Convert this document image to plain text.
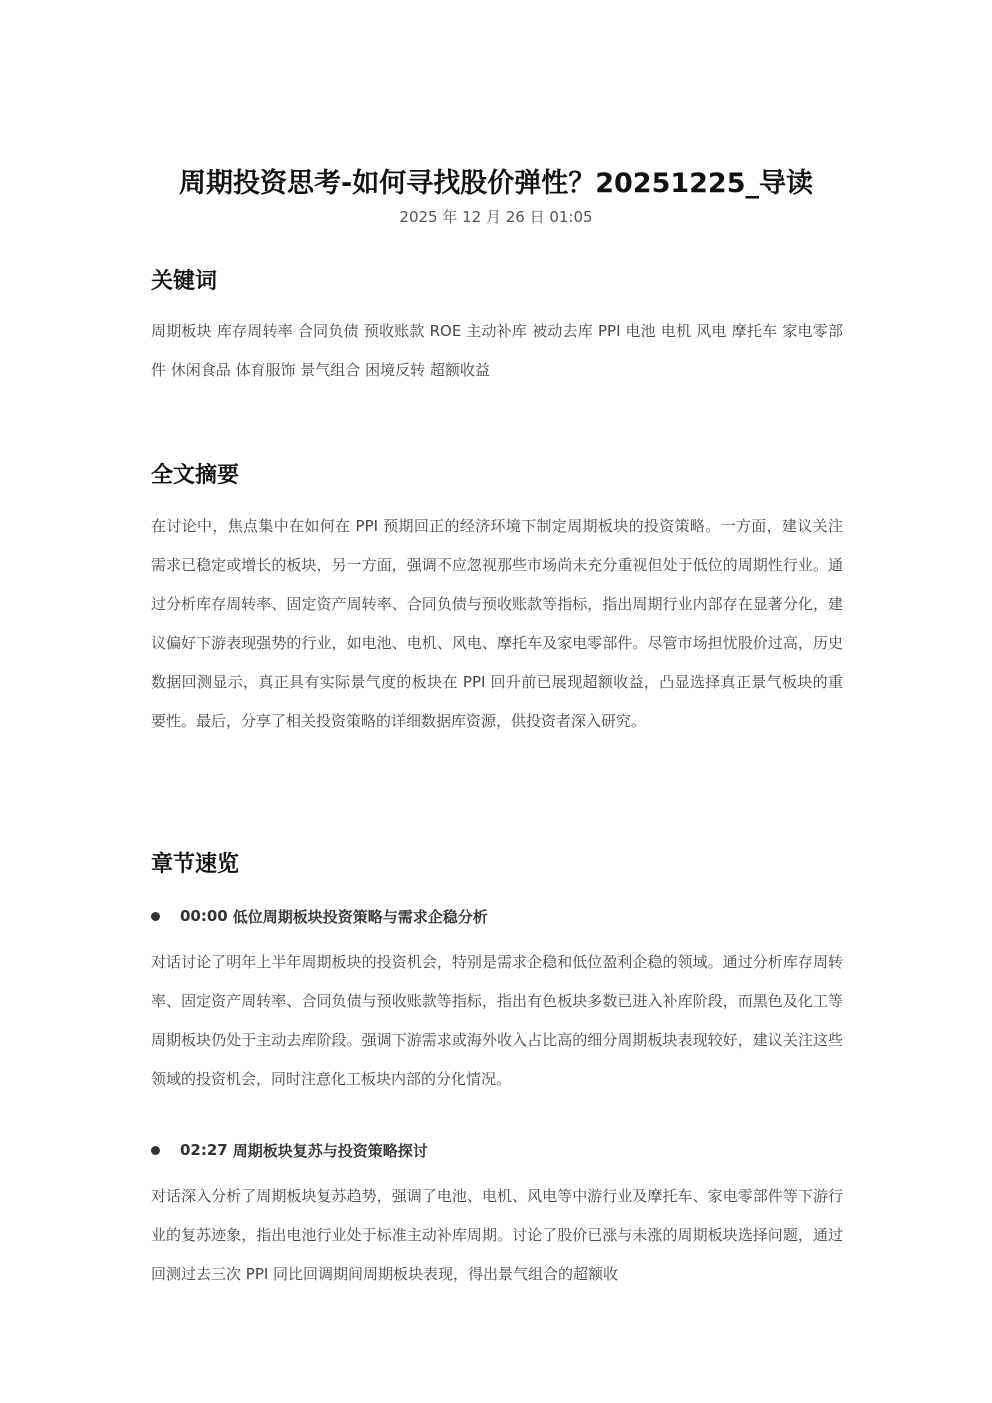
周期投资思考-如何寻找股价弹性？20251225_导读
2025 年 12 月 26 日 01:05
关键词

周期板块 库存周转率 合同负债 预收账款 ROE 主动补库 被动去库 PPI 电池 电机 风电 摩托车 家电零部件 休闲食品 体育服饰 景气组合 困境反转 超额收益

全文摘要

在讨论中，焦点集中在如何在 PPI 预期回正的经济环境下制定周期板块的投资策略。一方面，建议关注需求已稳定或增长的板块，另一方面，强调不应忽视那些市场尚未充分重视但处于低位的周期性行业。通过分析库存周转率、固定资产周转率、合同负债与预收账款等指标，指出周期行业内部存在显著分化，建议偏好下游表现强势的行业，如电池、电机、风电、摩托车及家电零部件。尽管市场担忧股价过高，历史数据回测显示，真正具有实际景气度的板块在 PPI 回升前已展现超额收益，凸显选择真正景气板块的重要性。最后，分享了相关投资策略的详细数据库资源，供投资者深入研究。

章节速览
00:00 低位周期板块投资策略与需求企稳分析
对话讨论了明年上半年周期板块的投资机会，特别是需求企稳和低位盈利企稳的领域。通过分析库存周转率、固定资产周转率、合同负债与预收账款等指标，指出有色板块多数已进入补库阶段，而黑色及化工等周期板块仍处于主动去库阶段。强调下游需求或海外收入占比高的细分周期板块表现较好，建议关注这些领域的投资机会，同时注意化工板块内部的分化情况。
02:27 周期板块复苏与投资策略探讨
对话深入分析了周期板块复苏趋势，强调了电池、电机、风电等中游行业及摩托车、家电零部件等下游行业的复苏迹象，指出电池行业处于标准主动补库周期。讨论了股价已涨与未涨的周期板块选择问题，通过回测过去三次 PPI 同比回调期间周期板块表现，得出景气组合的超额收
